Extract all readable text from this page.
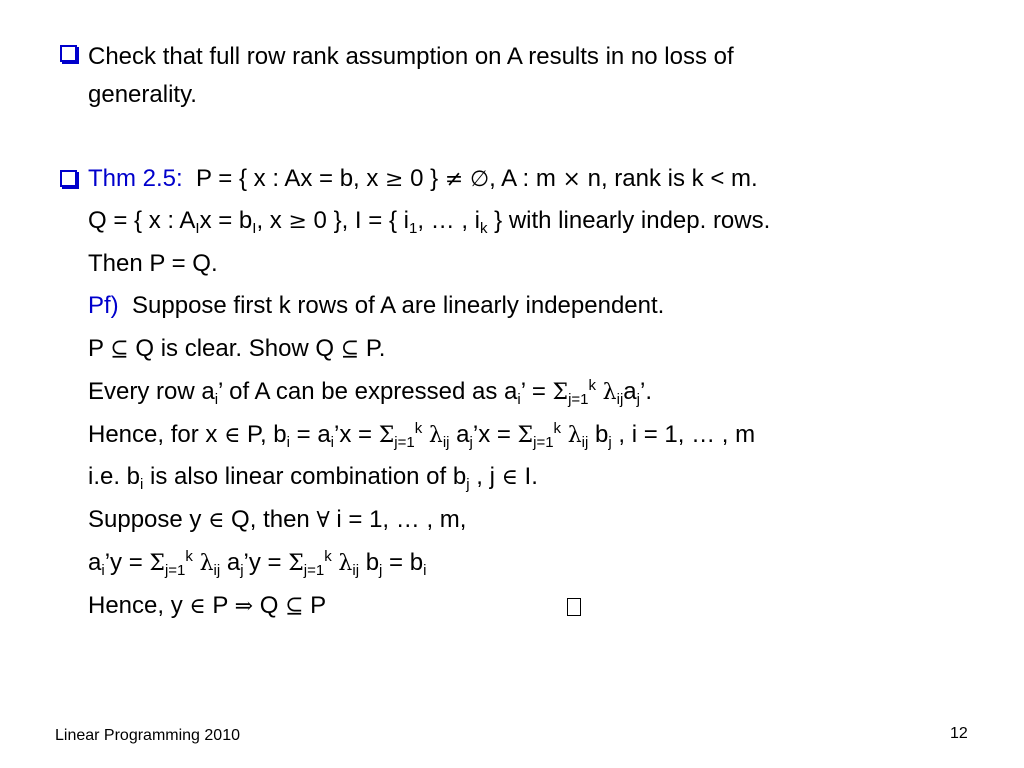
Check that full row rank assumption on A results in no loss of
generality.
Thm 2.5: P = { x : Ax = b, x ≥ 0 } ≠ ∅, A : m × n, rank is k < m.
Q = { x : $A_Ix = b_I$, x ≥ 0 }, I = { $i_1$, … , $i_k$ } with linearly indep. rows.
Then P = Q.
Pf) Suppose first k rows of A are linearly independent.
P ⊆ Q is clear. Show Q ⊆ P.
Every row $a_i$’ of A can be expressed as $a_i$’ = $\Sigma_{j=1}^k$ $\lambda_{ij}a_j$’.
Hence, for x ∈ P, $b_i$ = $a_i’x = \Sigma_{j=1}^k$ $\lambda_{ij}$ $a_j’x = \Sigma_{j=1}^k$ $\lambda_{ij}$ $b_j$ , i = 1, … , m
i.e. $b_i$ is also linear combination of $b_j$ , j ∈ I.
Suppose y ∈ Q, then ∀ i = 1, … , m,
$a_i’y = \Sigma_{j=1}^k$ $\lambda_{ij}$ $a_j’y = \Sigma_{j=1}^k$ $\lambda_{ij}$ $b_j = b_i$
Hence, y ∈ P ⇒ Q ⊆ P
Linear Programming 2010	12
